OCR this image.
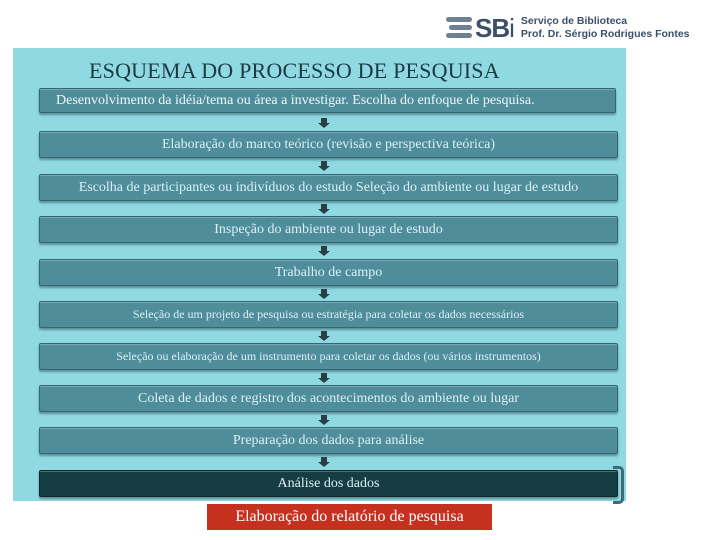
SB i Serviço de Biblioteca
Prof. Dr. Sérgio Rodrigues Fontes
ESQUEMA DO PROCESSO DE PESQUISA
Desenvolvimento da idéia/tema ou área a investigar. Escolha do enfoque de pesquisa.
Elaboração do marco teórico (revisão e perspectiva teórica)
Escolha de participantes ou indivíduos do estudo Seleção do ambiente ou lugar de estudo
Inspeção do ambiente ou lugar de estudo
Trabalho de campo
Seleção de um projeto de pesquisa ou estratégia para coletar os dados necessários
Seleção ou elaboração de um instrumento para coletar os dados (ou vários instrumentos)
Coleta de dados e registro dos acontecimentos do ambiente ou lugar
Preparação dos dados para análise
Análise dos dados
Elaboração do relatório de pesquisa
